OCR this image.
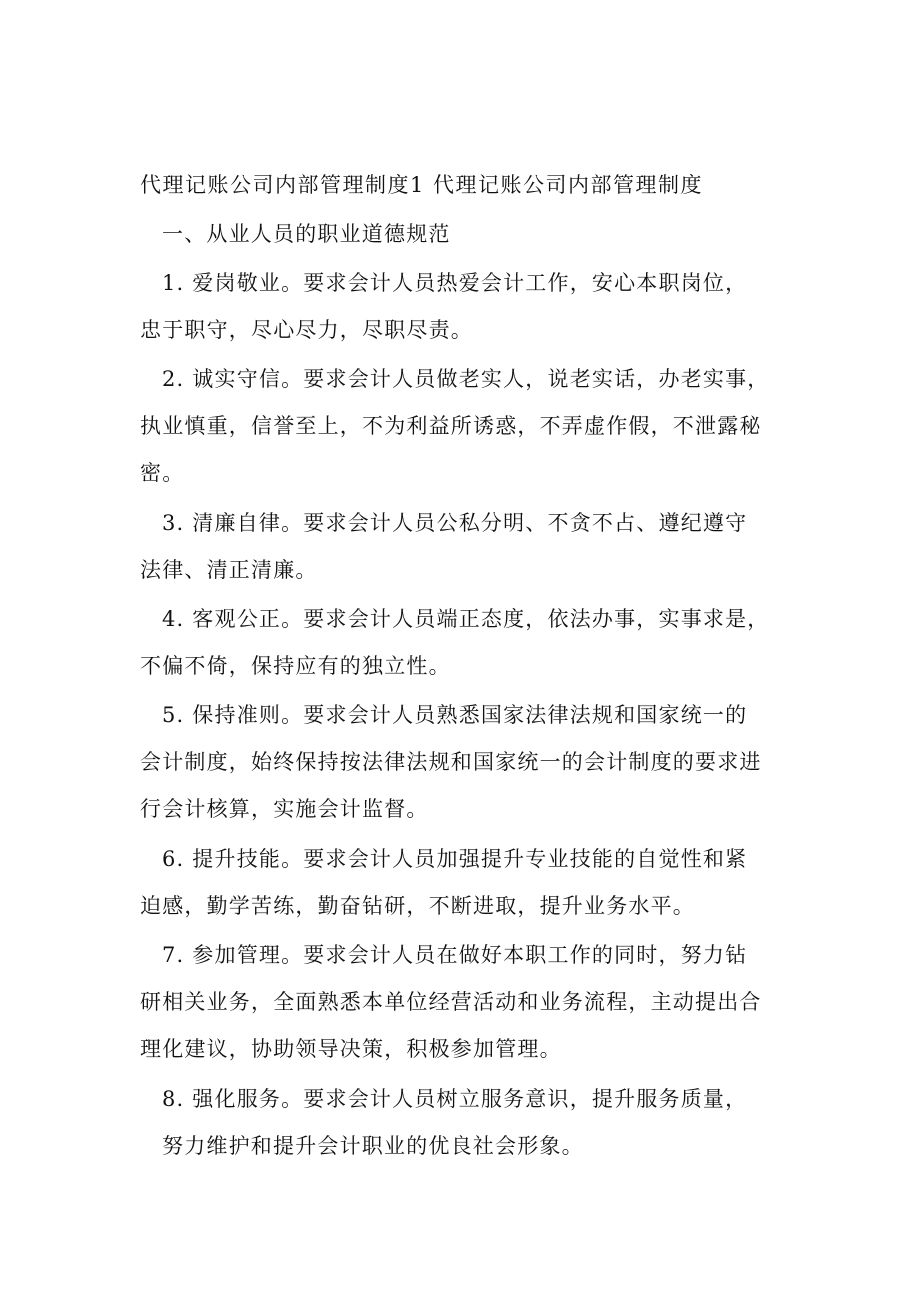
代理记账公司内部管理制度1 代理记账公司内部管理制度
一、从业人员的职业道德规范
1. 爱岗敬业。要求会计人员热爱会计工作，安心本职岗位，
忠于职守，尽心尽力，尽职尽责。
2. 诚实守信。要求会计人员做老实人，说老实话，办老实事，
执业慎重，信誉至上，不为利益所诱惑，不弄虚作假，不泄露秘
密。
3. 清廉自律。要求会计人员公私分明、不贪不占、遵纪遵守
法律、清正清廉。
4. 客观公正。要求会计人员端正态度，依法办事，实事求是，
不偏不倚，保持应有的独立性。
5. 保持准则。要求会计人员熟悉国家法律法规和国家统一的
会计制度，始终保持按法律法规和国家统一的会计制度的要求进
行会计核算，实施会计监督。
6. 提升技能。要求会计人员加强提升专业技能的自觉性和紧
迫感，勤学苦练，勤奋钻研，不断进取，提升业务水平。
7. 参加管理。要求会计人员在做好本职工作的同时，努力钻
研相关业务，全面熟悉本单位经营活动和业务流程，主动提出合
理化建议，协助领导决策，积极参加管理。
8. 强化服务。要求会计人员树立服务意识，提升服务质量，
努力维护和提升会计职业的优良社会形象。
